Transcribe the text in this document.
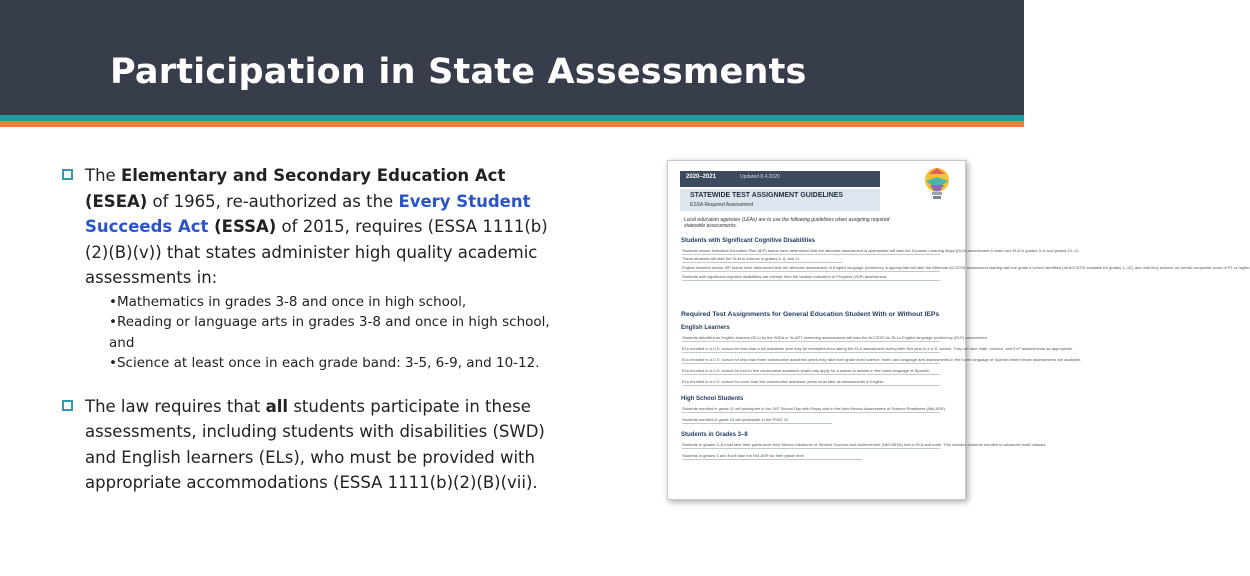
Participation in State Assessments
The Elementary and Secondary Education Act (ESEA) of 1965, re-authorized as the Every Student Succeeds Act (ESSA) of 2015, requires (ESSA 1111(b)(2)(B)(v)) that states administer high quality academic assessments in:
•Mathematics in grades 3-8 and once in high school,
•Reading or language arts in grades 3-8 and once in high school,
and
•Science at least once in each grade band: 3-5, 6-9, and 10-12.
The law requires that all students participate in these assessments, including students with disabilities (SWD) and English learners (ELs), who must be provided with appropriate accommodations (ESSA 1111(b)(2)(B)(vii).
2020–2021	Updated 8.4.2020
STATEWIDE TEST ASSIGNMENT GUIDELINES
ESSA Required Assessment
Local education agencies (LEAs) are to use the following guidelines when assigning required statewide assessments.
Students with Significant Cognitive Disabilities
Students whose Individual Education Plan (IEP) teams have determined that the alternate assessment is appropriate will take the Dynamic Learning Maps (DLM) assessment in math and ELA in grades 3–8 and grades 10–11.
These students will take the DLM in science in grades 5, 8, and 11.
English learners whose IEP teams have determined that the alternate assessment of English language proficiency is appropriate will take the Alternate ACCESS assessment starting with the grade in which identified (all-ACCESS available for grades 1–12), and until they achieve an overall composite score of P1 or higher.
Students with significant cognitive disabilities are exempt from the Istation Indicators of Progress (ISIP) assessment.
Required Test Assignments for General Education Student With or Without IEPs
English Learners
Students identified as English learners (ELs) by the WIDA or W-APT screening assessments will take the ACCESS for ELLs English language proficiency (ELP) assessment.
ELs enrolled in a U.S. school for less than a full academic year may be exempted from taking the ELA assessment during their first year in a U.S. school. They will take math, science, and ELP assessments as appropriate.
ELs enrolled in a U.S. school for less than three consecutive academic years may take their grade level science, math, and language arts assessments in the home language of Spanish where those assessments are available.
ELs enrolled in a U.S. school for four to five consecutive academic years may apply for a waiver to assess in the home language of Spanish.
ELs enrolled in a U.S. school for more than five consecutive academic years must take all assessments in English.
High School Students
Students enrolled in grade 11 will participate in the SAT School Day with Essay and in the New Mexico Assessment of Science Readiness (NM-ASR).
Students enrolled in grade 10 will participate in the PSAT 10.
Students in Grades 3–8
Students in grades 3–8 must take their grade-level New Mexico Measures of Student Success and Achievement (NM-MSSA) test in ELA and math. This includes students enrolled in advanced math classes.
Students in grades 5 and 8 will take the NM-ASR for their grade level.
